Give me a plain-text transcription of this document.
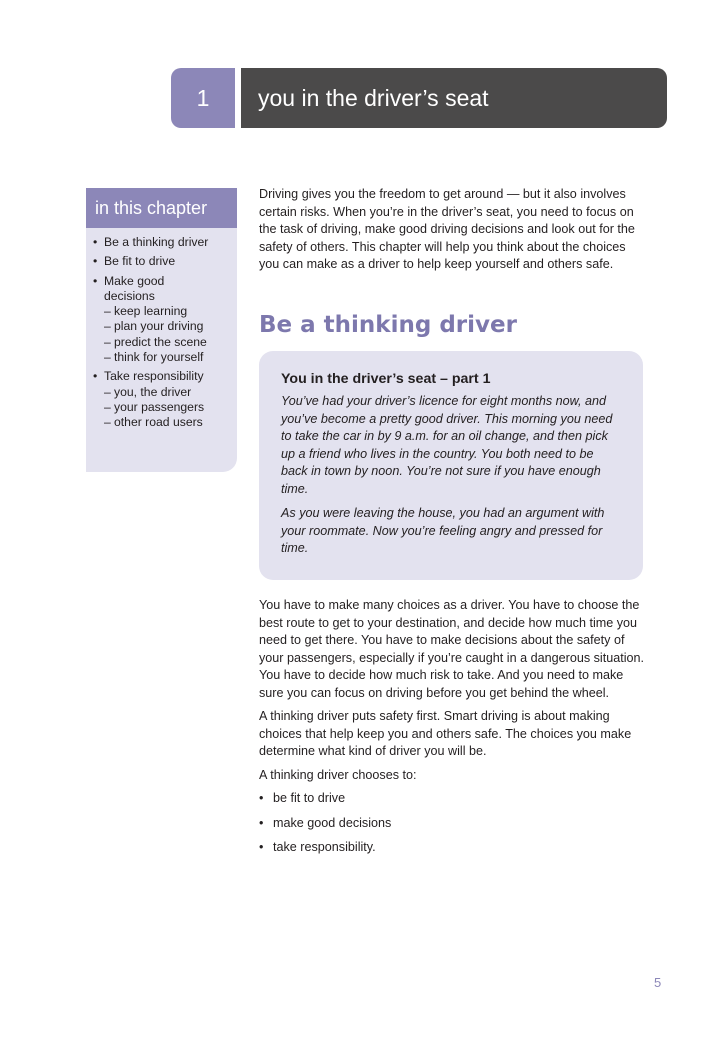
1	you in the driver’s seat
in this chapter
• Be a thinking driver
• Be fit to drive
• Make good decisions
– keep learning
– plan your driving
– predict the scene
– think for yourself
• Take responsibility
– you, the driver
– your passengers
– other road users

Driving gives you the freedom to get around — but it also involves certain risks. When you’re in the driver’s seat, you need to focus on the task of driving, make good driving decisions and look out for the safety of others. This chapter will help you think about the choices you can make as a driver to help keep yourself and others safe.

Be a thinking driver

You in the driver’s seat – part 1

You’ve had your driver’s licence for eight months now, and you’ve become a pretty good driver. This morning you need to take the car in by 9 a.m. for an oil change, and then pick up a friend who lives in the country. You both need to be back in town by noon. You’re not sure if you have enough time.

As you were leaving the house, you had an argument with your roommate. Now you’re feeling angry and pressed for time.

You have to make many choices as a driver. You have to choose the best route to get to your destination, and decide how much time you need to get there. You have to make decisions about the safety of your passengers, especially if you’re caught in a dangerous situation. You have to decide how much risk to take. And you need to make sure you can focus on driving before you get behind the wheel.

A thinking driver puts safety first. Smart driving is about making choices that help keep you and others safe. The choices you make determine what kind of driver you will be.

A thinking driver chooses to:

• be fit to drive
• make good decisions
• take responsibility.
5
